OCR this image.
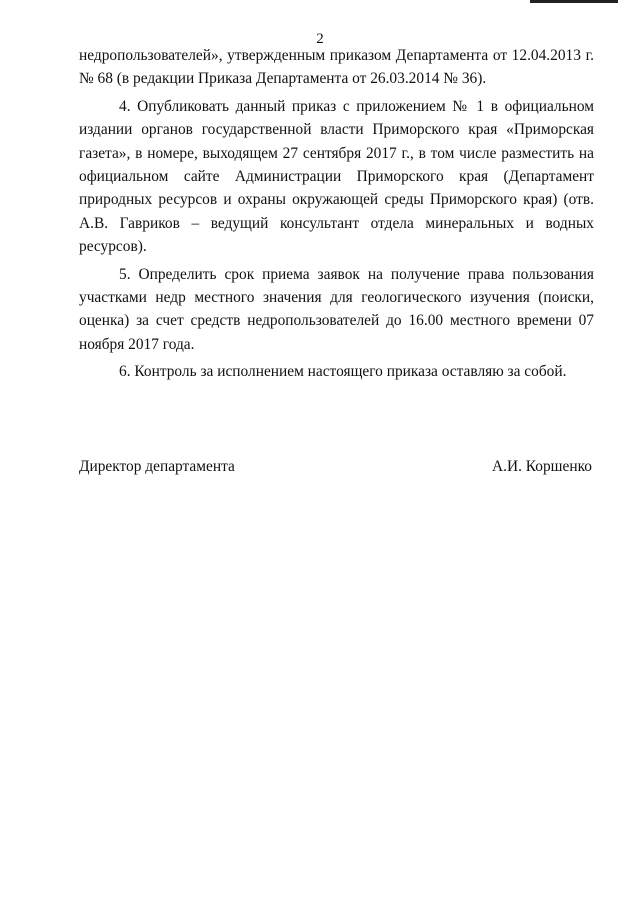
2

недропользователей», утвержденным приказом Департамента от 12.04.2013 г. № 68 (в редакции Приказа Департамента от 26.03.2014 № 36).

4. Опубликовать данный приказ с приложением № 1 в официальном издании органов государственной власти Приморского края «Приморская газета», в номере, выходящем 27 сентября 2017 г., в том числе разместить на официальном сайте Администрации Приморского края (Департамент природных ресурсов и охраны окружающей среды Приморского края) (отв. А.В. Гавриков – ведущий консультант отдела минеральных и водных ресурсов).

5. Определить срок приема заявок на получение права пользования участками недр местного значения для геологического изучения (поиски, оценка) за счет средств недропользователей до 16.00 местного времени 07 ноября 2017 года.

6. Контроль за исполнением настоящего приказа оставляю за собой.

Директор департамента	А.И. Коршенко
